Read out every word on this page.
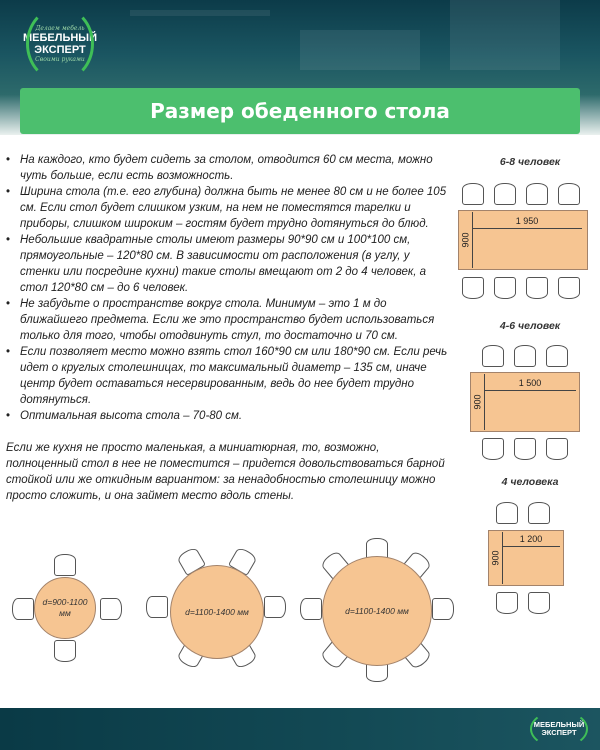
Делаем мебель
МЕБЕЛЬНЫЙ
ЭКСПЕРТ
Своими руками
Размер обеденного стола
• На каждого, кто будет сидеть за столом, отводится 60 см места, можно чуть больше, если есть возможность.
• Ширина стола (т.е. его глубина) должна быть не менее 80 см и не более 105 см. Если стол будет слишком узким, на нем не поместятся тарелки и приборы, слишком широким – гостям будет трудно дотянуться до блюд.
• Небольшие квадратные столы имеют размеры 90*90 см и 100*100 см, прямоугольные – 120*80 см. В зависимости от расположения (в углу, у стенки или посредине кухни) такие столы вмещают от 2 до 4 человек, а стол 120*80 см – до 6 человек.
• Не забудьте о пространстве вокруг стола. Минимум – это 1 м до ближайшего предмета. Если же это пространство будет использоваться только для того, чтобы отодвинуть стул, то достаточно и 70 см.
• Если позволяет место можно взять стол 160*90 см или 180*90 см. Если речь идет о круглых столешницах, то максимальный диаметр – 135 см, иначе центр будет оставаться несервированным, ведь до нее будет трудно дотянуться.
• Оптимальная высота стола – 70-80 см.

Если же кухня не просто маленькая, а миниатюрная, то, возможно, полноценный стол в нее не поместится – придется довольствоваться барной стойкой или же откидным вариантом: за ненадобностью столешницу можно просто сложить, и она займет место вдоль стены.

6-8 человек
1 950
900
4-6 человек
1 500
900
4 человека
1 200
900
d=900-1100
мм	d=1100-1400 мм	d=1100-1400 мм
МЕБЕЛЬНЫЙ
ЭКСПЕРТ
